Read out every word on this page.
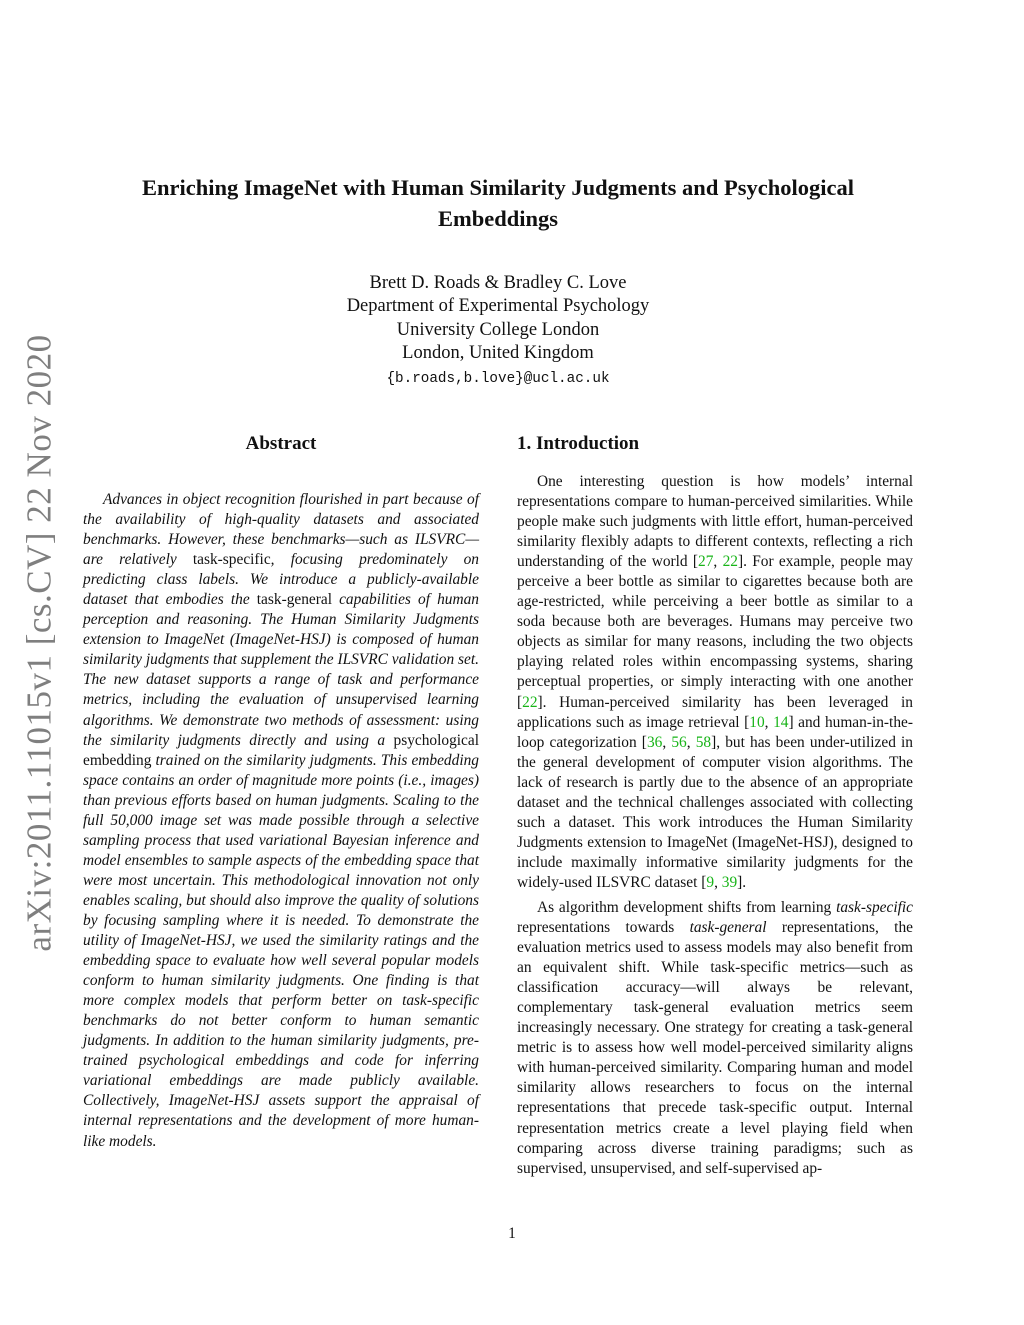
arXiv:2011.11015v1 [cs.CV] 22 Nov 2020
Enriching ImageNet with Human Similarity Judgments and Psychological Embeddings
Brett D. Roads & Bradley C. Love
Department of Experimental Psychology
University College London
London, United Kingdom
{b.roads,b.love}@ucl.ac.uk
Abstract
Advances in object recognition flourished in part because of the availability of high-quality datasets and associated benchmarks. However, these benchmarks—such as ILSVRC—are relatively task-specific, focusing predominately on predicting class labels. We introduce a publicly-available dataset that embodies the task-general capabilities of human perception and reasoning. The Human Similarity Judgments extension to ImageNet (ImageNet-HSJ) is composed of human similarity judgments that supplement the ILSVRC validation set. The new dataset supports a range of task and performance metrics, including the evaluation of unsupervised learning algorithms. We demonstrate two methods of assessment: using the similarity judgments directly and using a psychological embedding trained on the similarity judgments. This embedding space contains an order of magnitude more points (i.e., images) than previous efforts based on human judgments. Scaling to the full 50,000 image set was made possible through a selective sampling process that used variational Bayesian inference and model ensembles to sample aspects of the embedding space that were most uncertain. This methodological innovation not only enables scaling, but should also improve the quality of solutions by focusing sampling where it is needed. To demonstrate the utility of ImageNet-HSJ, we used the similarity ratings and the embedding space to evaluate how well several popular models conform to human similarity judgments. One finding is that more complex models that perform better on task-specific benchmarks do not better conform to human semantic judgments. In addition to the human similarity judgments, pre-trained psychological embeddings and code for inferring variational embeddings are made publicly available. Collectively, ImageNet-HSJ assets support the appraisal of internal representations and the development of more human-like models.
1. Introduction

One interesting question is how models’ internal representations compare to human-perceived similarities. While people make such judgments with little effort, human-perceived similarity flexibly adapts to different contexts, reflecting a rich understanding of the world [27, 22]. For example, people may perceive a beer bottle as similar to cigarettes because both are age-restricted, while perceiving a beer bottle as similar to a soda because both are beverages. Humans may perceive two objects as similar for many reasons, including the two objects playing related roles within encompassing systems, sharing perceptual properties, or simply interacting with one another [22]. Human-perceived similarity has been leveraged in applications such as image retrieval [10, 14] and human-in-the-loop categorization [36, 56, 58], but has been under-utilized in the general development of computer vision algorithms. The lack of research is partly due to the absence of an appropriate dataset and the technical challenges associated with collecting such a dataset. This work introduces the Human Similarity Judgments extension to ImageNet (ImageNet-HSJ), designed to include maximally informative similarity judgments for the widely-used ILSVRC dataset [9, 39].

As algorithm development shifts from learning task-specific representations towards task-general representations, the evaluation metrics used to assess models may also benefit from an equivalent shift. While task-specific metrics—such as classification accuracy—will always be relevant, complementary task-general evaluation metrics seem increasingly necessary. One strategy for creating a task-general metric is to assess how well model-perceived similarity aligns with human-perceived similarity. Comparing human and model similarity allows researchers to focus on the internal representations that precede task-specific output. Internal representation metrics create a level playing field when comparing across diverse training paradigms; such as supervised, unsupervised, and self-supervised ap-

1
